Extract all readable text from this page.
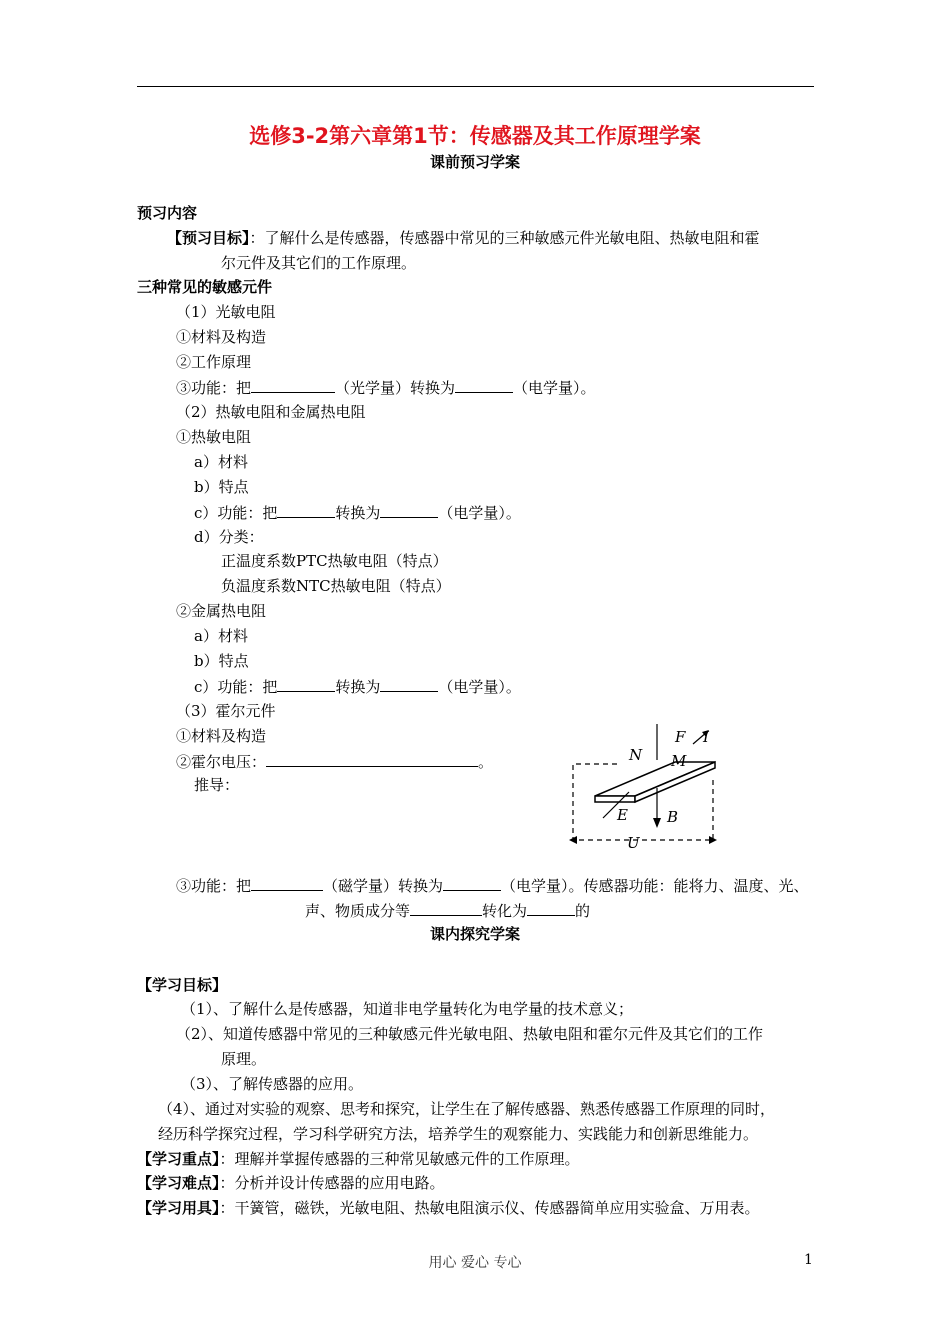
选修3-2第六章第1节：传感器及其工作原理学案
课前预习学案
预习内容
【预习目标】：了解什么是传感器，传感器中常见的三种敏感元件光敏电阻、热敏电阻和霍
尔元件及其它们的工作原理。
三种常见的敏感元件
（1）光敏电阻
①材料及构造
②工作原理
③功能：把	（光学量）转换为	（电学量）。
（2）热敏电阻和金属热电阻
①热敏电阻
a）材料
b）特点
c）功能：把	转换为	（电学量）。
d）分类：
正温度系数PTC热敏电阻（特点）
负温度系数NTC热敏电阻（特点）
②金属热电阻
a）材料
b）特点
c）功能：把	转换为	（电学量）。
（3）霍尔元件
①材料及构造
②霍尔电压：	。
推导：
F I
N M
E	B
U
③功能：把	（磁学量）转换为	（电学量）。传感器功能：能将力、温度、光、
声、物质成分等	转化为	的
课内探究学案
【学习目标】
（1）、了解什么是传感器，知道非电学量转化为电学量的技术意义；
（2）、知道传感器中常见的三种敏感元件光敏电阻、热敏电阻和霍尔元件及其它们的工作
原理。
（3）、了解传感器的应用。
（4）、通过对实验的观察、思考和探究，让学生在了解传感器、熟悉传感器工作原理的同时，
经历科学探究过程，学习科学研究方法，培养学生的观察能力、实践能力和创新思维能力。
【学习重点】：理解并掌握传感器的三种常见敏感元件的工作原理。
【学习难点】：分析并设计传感器的应用电路。
【学习用具】：干簧管，磁铁，光敏电阻、热敏电阻演示仪、传感器简单应用实验盒、万用表。
用心 爱心 专心	1
